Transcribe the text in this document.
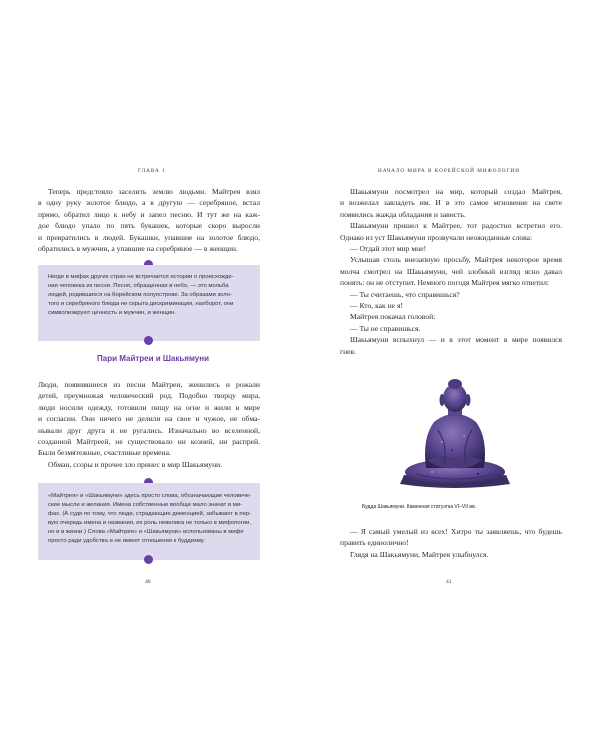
ГЛАВА 1
Теперь предстояло заселить землю людьми. Майтрея взял
в одну руку золотое блюдо, а в другую — серебряное, встал
прямо, обратил лицо к небу и запел песню. И тут же на каж-
дое блюдо упало по пять букашек, которые скоро выросли
и превратились в людей. Букашки, упавшие на золотое блюдо,
обратились в мужчин, а упавшие на серебряное — в женщин.
Нигде в мифах других стран не встречается истории о происхожде-
нии человека из песни. Песня, обращенная в небо, — это мольба
людей, родившихся на Корейском полуострове. За образами золо-
того и серебряного блюда не скрыта дискриминация, наоборот, они
символизируют ценность и мужчин, и женщин.
Пари Майтреи и Шакьямуни
Люди, появившиеся из песни Майтреи, женились и рожали
детей, преумножая человеческий род. Подобно творцу мира,
люди носили одежду, готовили пищу на огне и жили в мире
и согласии. Они ничего не делили на свое и чужое, не обма-
нывали друг друга и не ругались. Изначально во вселенной,
созданной Майтреей, не существовало ни козней, ни распрей.
Были безмятежные, счастливые времена.
Обман, ссоры и прочее зло принес в мир Шакьямуни.
«Майтрея» и «Шакьямуни» здесь просто слова, обозначающие человече-
ские мысли и желания. Имена собственные вообще мало значат в ми-
фах. (А судя по тому, что люди, страдающие деменцией, забывают в пер-
вую очередь имена и названия, их роль невелика не только в мифологии,
но и в жизни.) Слова «Майтрея» и «Шакьямуни» использованы в мифе
просто ради удобства и не имеют отношения к буддизму.
40
НАЧАЛО МИРА В КОРЕЙСКОЙ МИФОЛОГИИ
Шакьямуни посмотрел на мир, который создал Майтрея,
и возжелал завладеть им. И в это самое мгновение на свете
появились жажда обладания и зависть.
Шакьямуни пришел к Майтрее, тот радостно встретил его.
Однако из уст Шакьямуни прозвучали неожиданные слова:
— Отдай этот мир мне!
Услышав столь внезапную просьбу, Майтрея некоторое время
молча смотрел на Шакьямуни, чей злобный взгляд ясно давал
понять: он не отступит. Немного погодя Майтрея мягко ответил:
— Ты считаешь, что справишься?
— Кто, как не я!
Майтрея покачал головой:
— Ты не справишься.
Шакьямуни вспыхнул — и в этот момент в мире появился
гнев.
Будда Шакьямуни. Каменная статуэтка VI–VII вв.
— Я самый умелый из всех! Хитро ты заявляешь, что будешь
править единолично!
Глядя на Шакьямуни, Майтрея улыбнулся.
41
